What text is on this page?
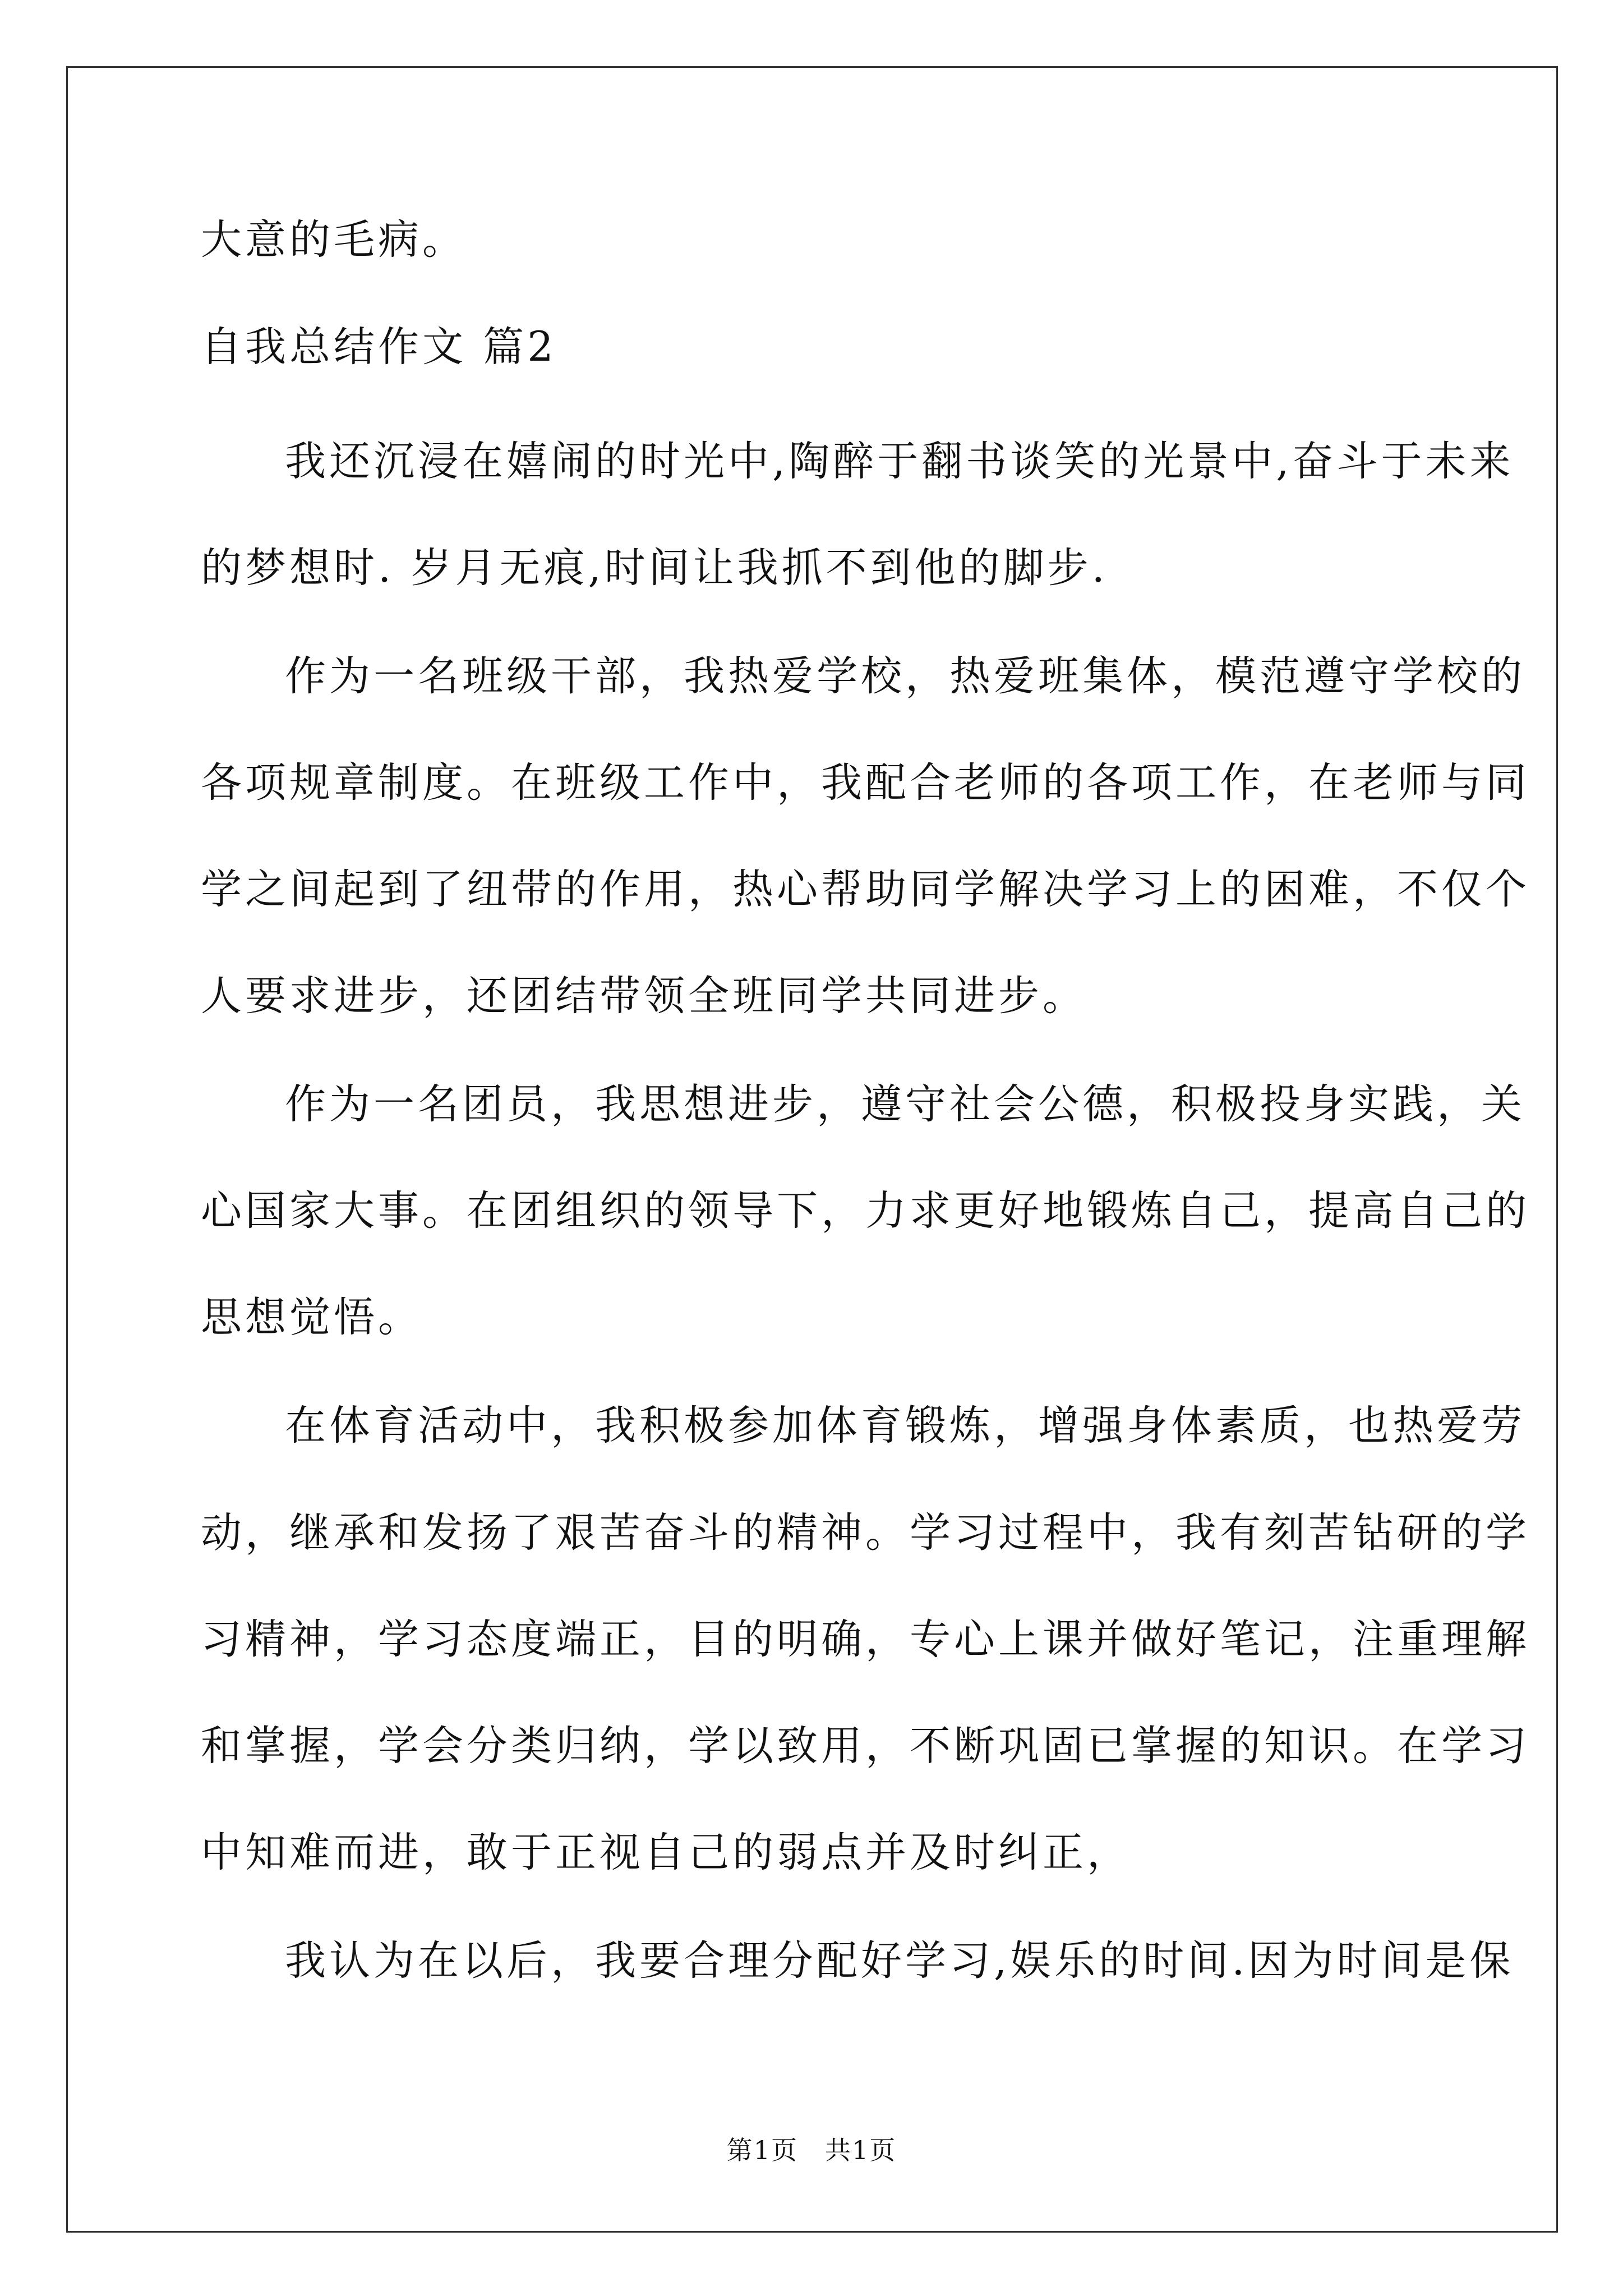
大意的毛病。
自我总结作文 篇2
我还沉浸在嬉闹的时光中,陶醉于翻书谈笑的光景中,奋斗于未来
的梦想时. 岁月无痕,时间让我抓不到他的脚步.
作为一名班级干部，我热爱学校，热爱班集体，模范遵守学校的
各项规章制度。在班级工作中，我配合老师的各项工作，在老师与同
学之间起到了纽带的作用，热心帮助同学解决学习上的困难，不仅个
人要求进步，还团结带领全班同学共同进步。
作为一名团员，我思想进步，遵守社会公德，积极投身实践，关
心国家大事。在团组织的领导下，力求更好地锻炼自己，提高自己的
思想觉悟。
在体育活动中，我积极参加体育锻炼，增强身体素质，也热爱劳
动，继承和发扬了艰苦奋斗的精神。学习过程中，我有刻苦钻研的学
习精神，学习态度端正，目的明确，专心上课并做好笔记，注重理解
和掌握，学会分类归纳，学以致用，不断巩固已掌握的知识。在学习
中知难而进，敢于正视自己的弱点并及时纠正，
我认为在以后，我要合理分配好学习,娱乐的时间.因为时间是保
第1页　共1页
